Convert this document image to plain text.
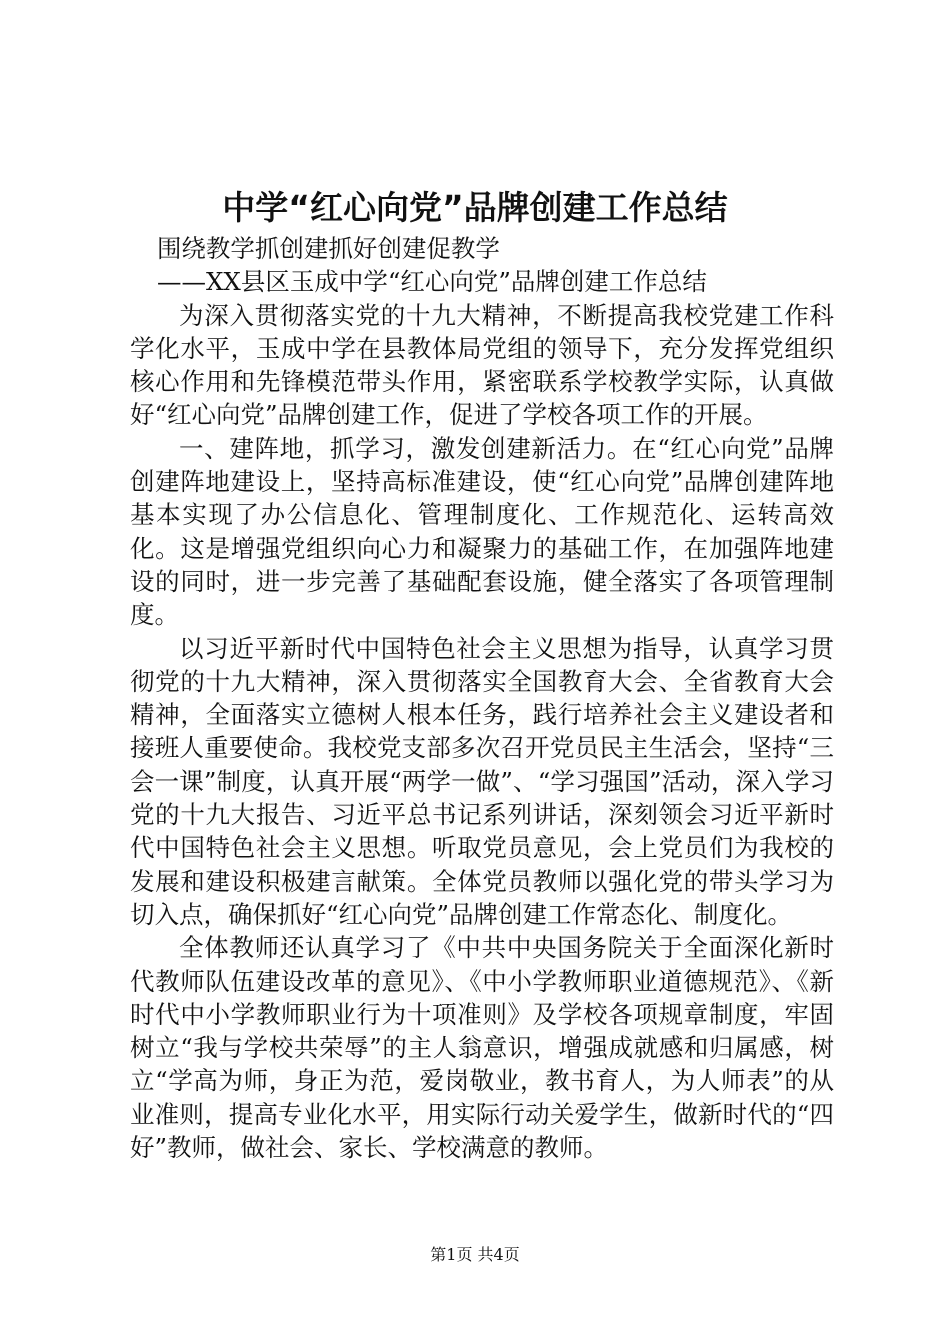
中学“红心向党”品牌创建工作总结

围绕教学抓创建抓好创建促教学

——XX县区玉成中学“红心向党”品牌创建工作总结

为深入贯彻落实党的十九大精神，不断提高我校党建工作科学化水平，玉成中学在县教体局党组的领导下，充分发挥党组织核心作用和先锋模范带头作用，紧密联系学校教学实际，认真做好“红心向党”品牌创建工作，促进了学校各项工作的开展。

一、建阵地，抓学习，激发创建新活力。在“红心向党”品牌创建阵地建设上，坚持高标准建设，使“红心向党”品牌创建阵地基本实现了办公信息化、管理制度化、工作规范化、运转高效化。这是增强党组织向心力和凝聚力的基础工作，在加强阵地建设的同时，进一步完善了基础配套设施，健全落实了各项管理制度。

以习近平新时代中国特色社会主义思想为指导，认真学习贯彻党的十九大精神，深入贯彻落实全国教育大会、全省教育大会精神，全面落实立德树人根本任务，践行培养社会主义建设者和接班人重要使命。我校党支部多次召开党员民主生活会，坚持“三会一课”制度，认真开展“两学一做”、“学习强国”活动，深入学习党的十九大报告、习近平总书记系列讲话，深刻领会习近平新时代中国特色社会主义思想。听取党员意见，会上党员们为我校的发展和建设积极建言献策。全体党员教师以强化党的带头学习为切入点，确保抓好“红心向党”品牌创建工作常态化、制度化。

全体教师还认真学习了《中共中央国务院关于全面深化新时代教师队伍建设改革的意见》、《中小学教师职业道德规范》、《新时代中小学教师职业行为十项准则》及学校各项规章制度，牢固树立“我与学校共荣辱”的主人翁意识，增强成就感和归属感，树立“学高为师，身正为范，爱岗敬业，教书育人，为人师表”的从业准则，提高专业化水平，用实际行动关爱学生，做新时代的“四好”教师，做社会、家长、学校满意的教师。

第1页 共4页
